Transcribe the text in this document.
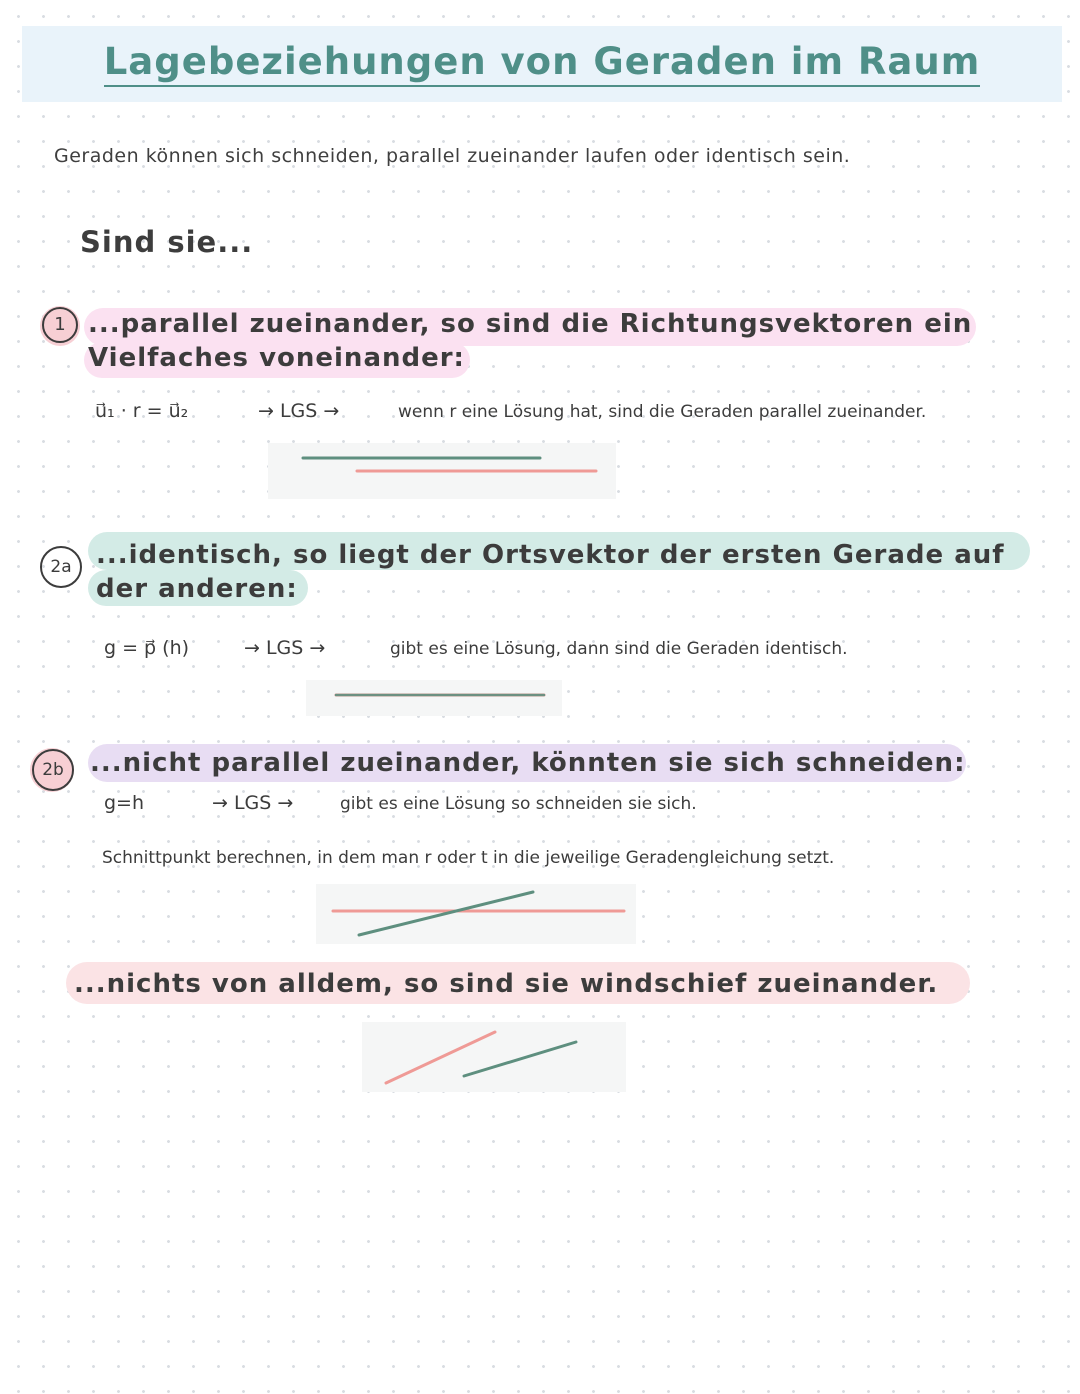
Lagebeziehungen von Geraden im Raum
Geraden können sich schneiden, parallel zueinander laufen oder identisch sein.
Sind sie...
1 ...parallel zueinander, so sind die Richtungsvektoren ein
Vielfaches voneinander:
u⃗₁ · r = u⃗₂	→ LGS →	wenn r eine Lösung hat, sind die Geraden parallel zueinander.
2a ...identisch, so liegt der Ortsvektor der ersten Gerade auf
der anderen:
g = p⃗ (h)	→ LGS →	gibt es eine Lösung, dann sind die Geraden identisch.
2b	...nicht parallel zueinander, könnten sie sich schneiden:
g=h	→ LGS →	gibt es eine Lösung so schneiden sie sich.
Schnittpunkt berechnen, in dem man r oder t in die jeweilige Geradengleichung setzt.
...nichts von alldem, so sind sie windschief zueinander.
